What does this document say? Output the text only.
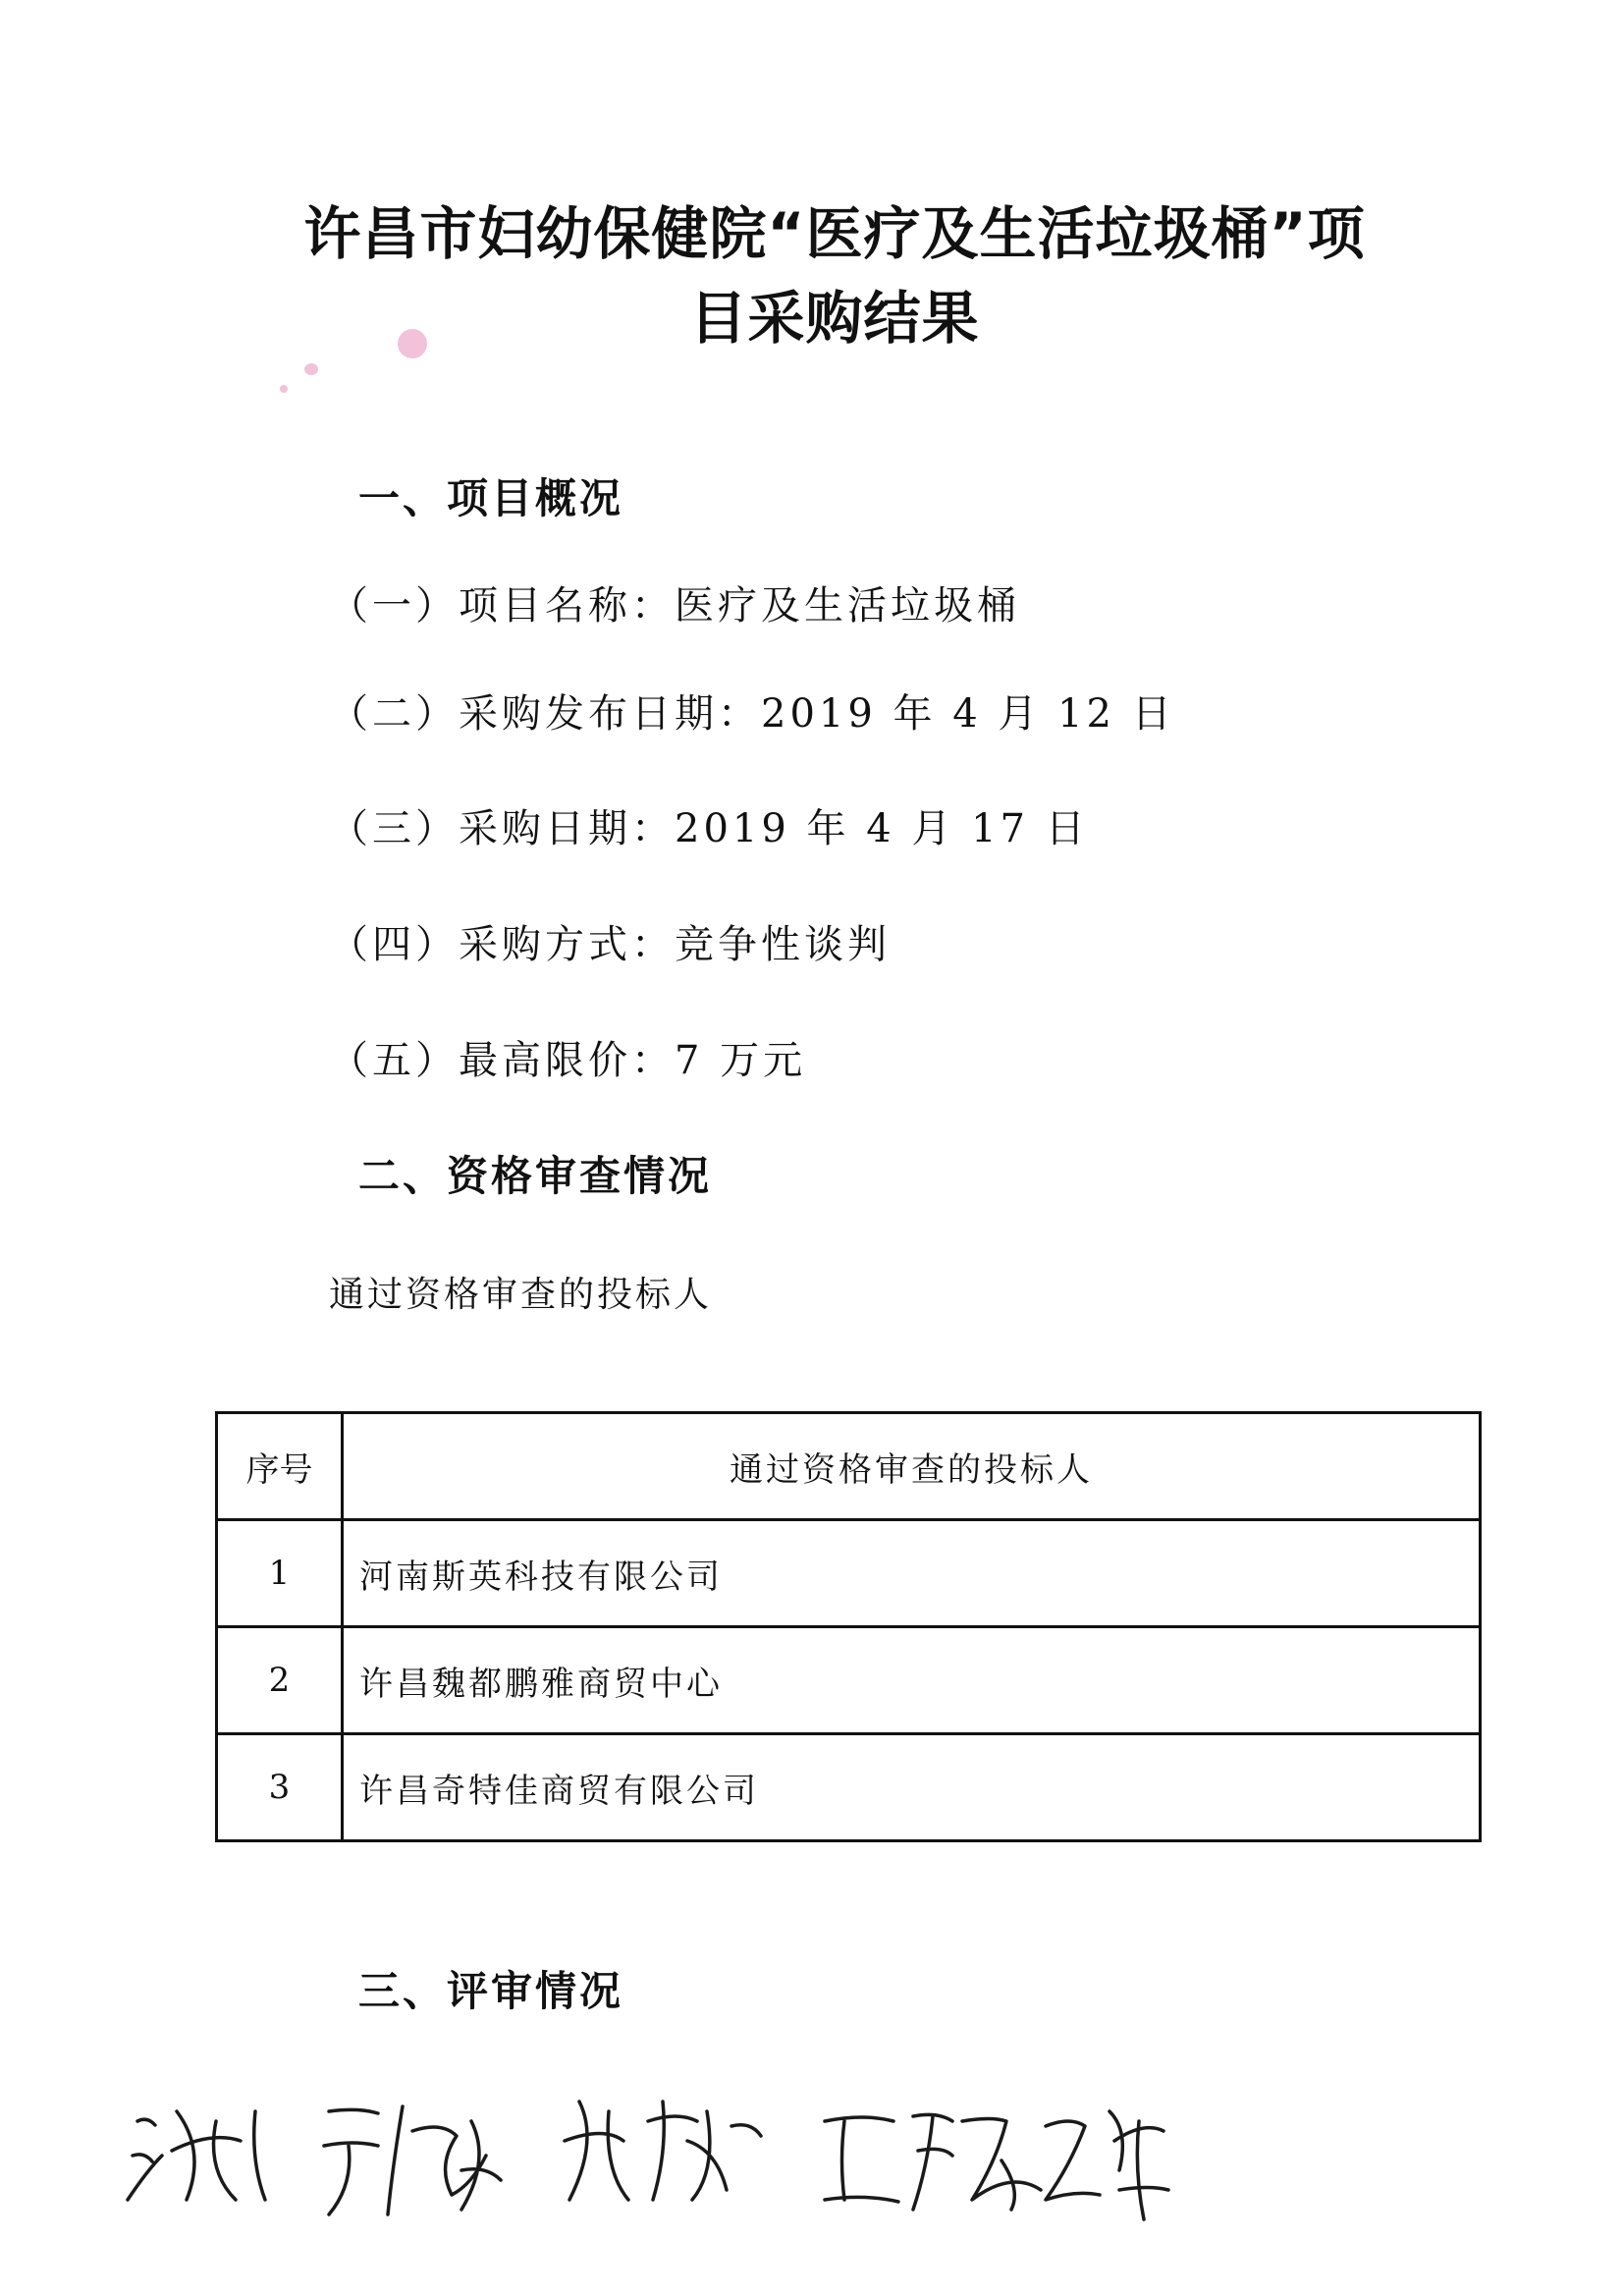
许昌市妇幼保健院“医疗及生活垃圾桶”项
目采购结果
一、项目概况
（一）项目名称：医疗及生活垃圾桶
（二）采购发布日期：2019 年 4 月 12 日
（三）采购日期：2019 年 4 月 17 日
（四）采购方式：竞争性谈判
（五）最高限价：7 万元
二、资格审查情况
通过资格审查的投标人
序号	通过资格审查的投标人
1	河南斯英科技有限公司
2	许昌魏都鹏雅商贸中心
3	许昌奇特佳商贸有限公司
三、评审情况
